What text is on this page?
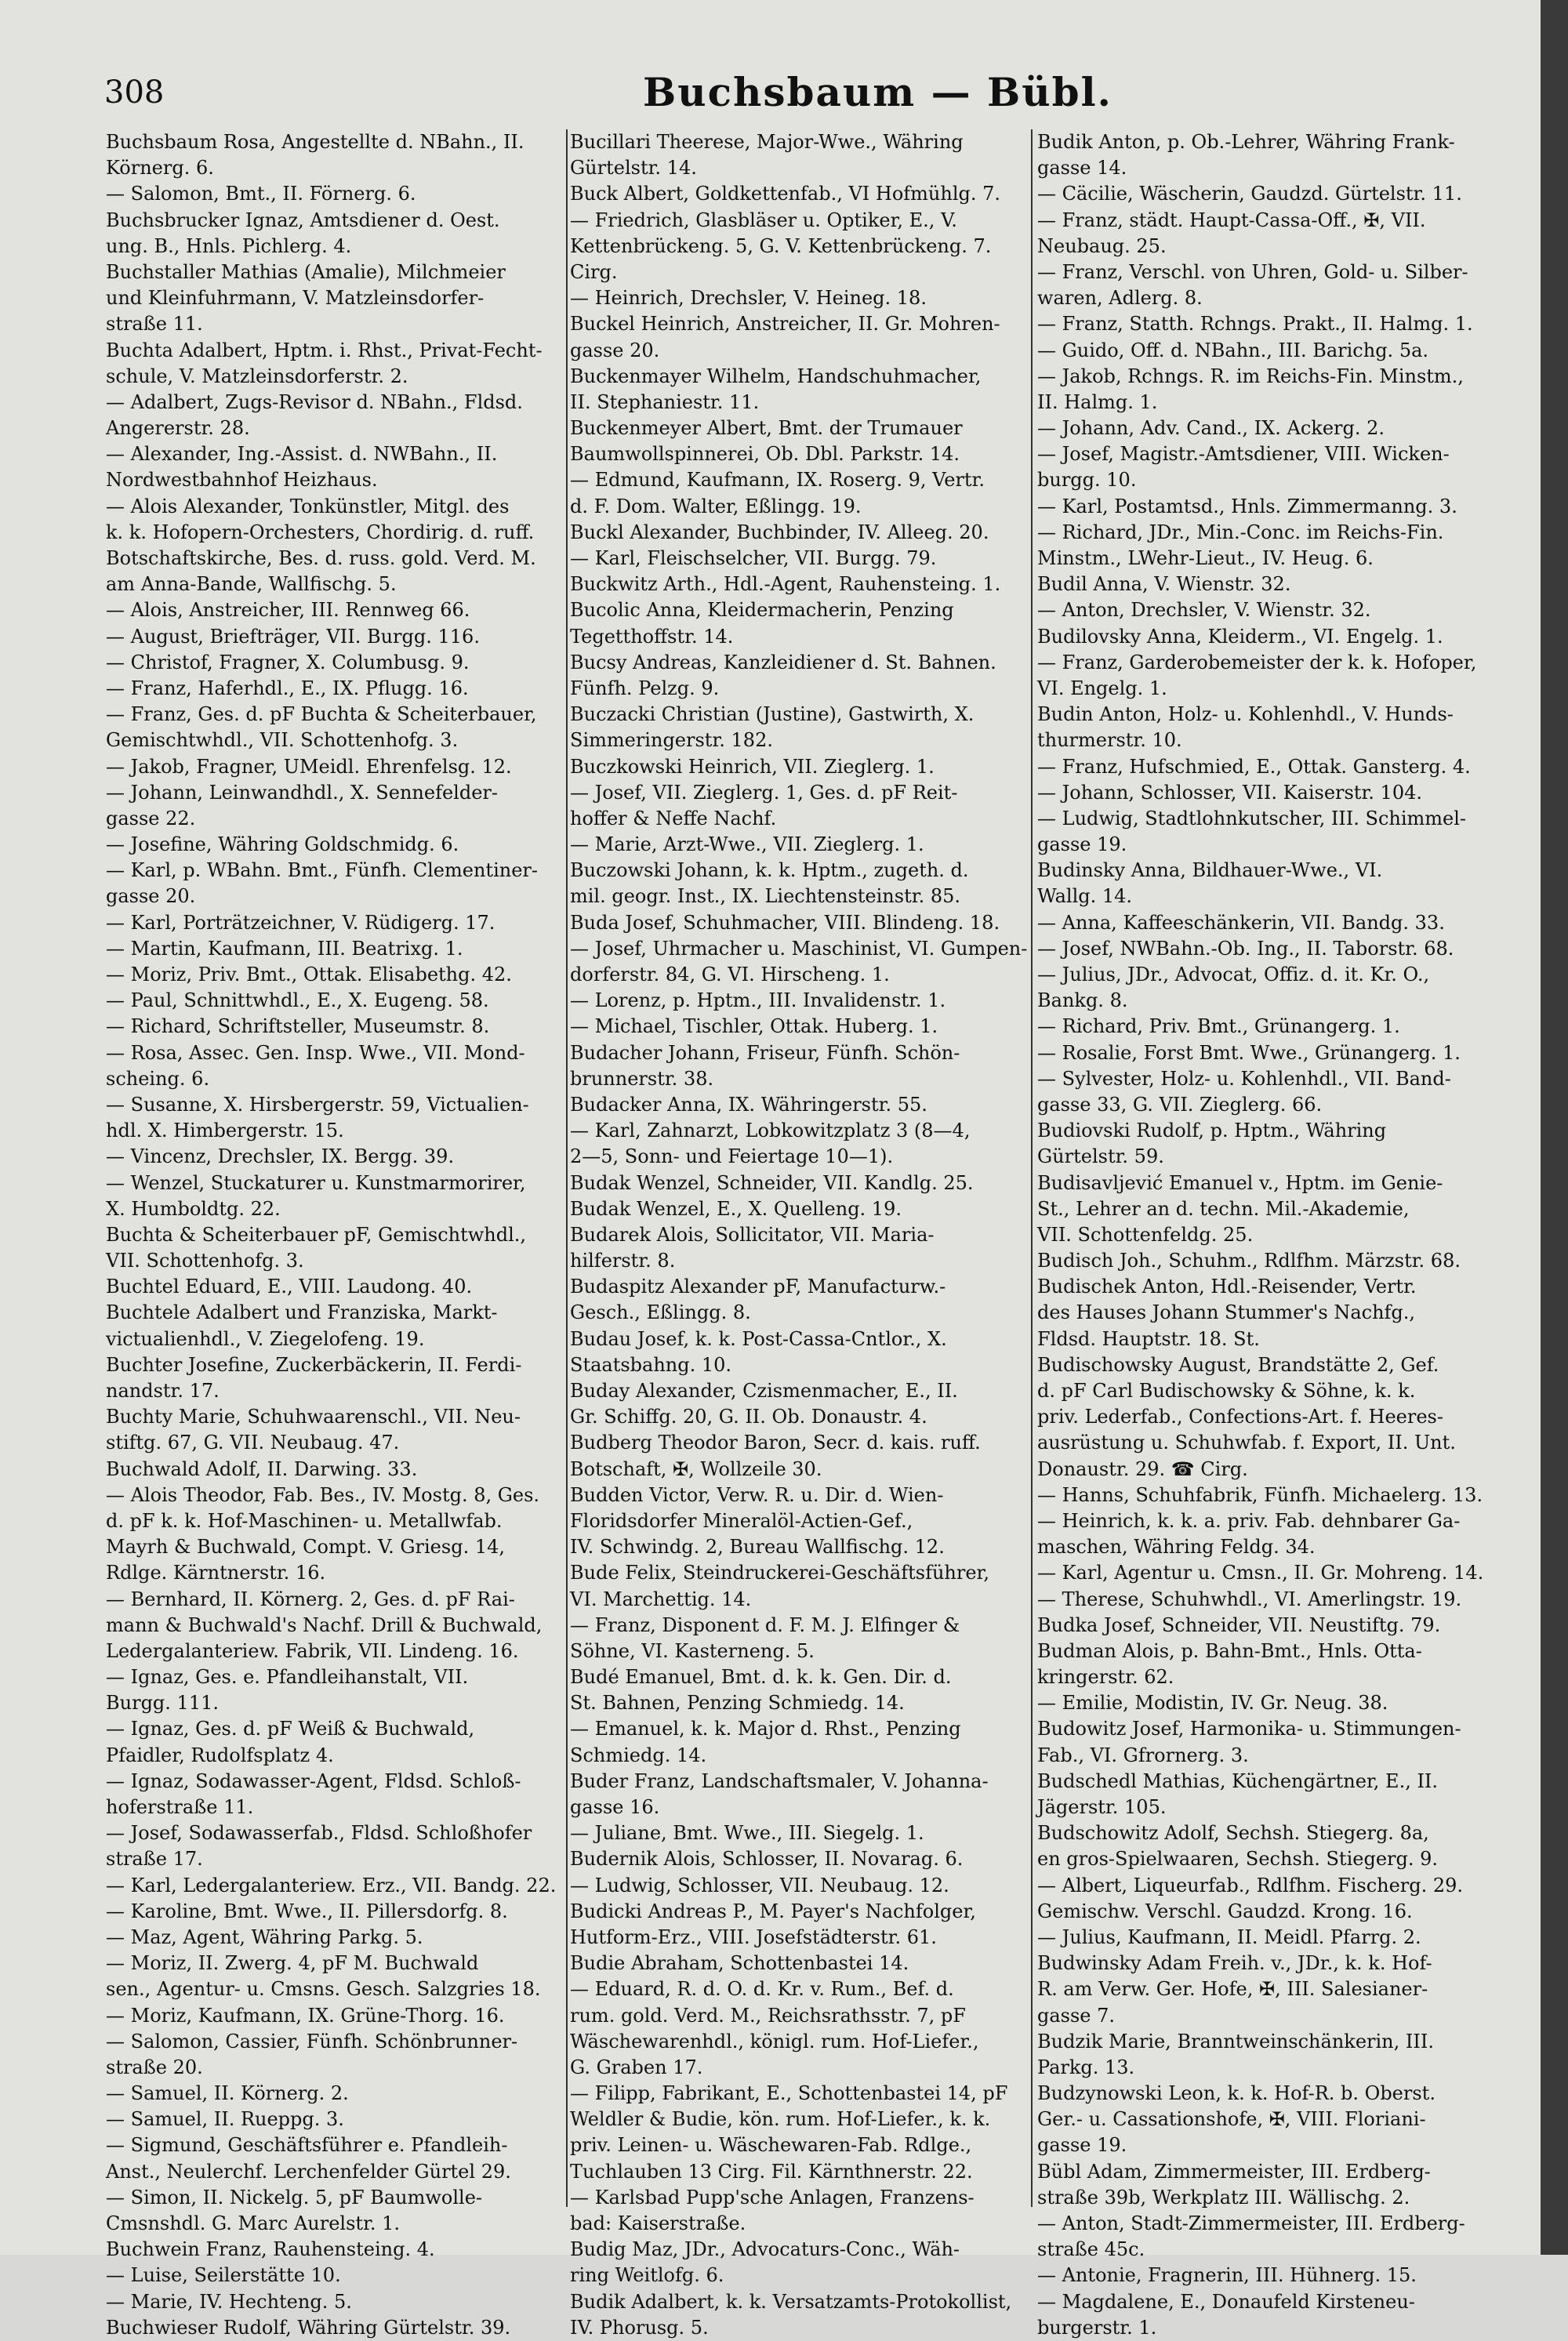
308	Buchsbaum — Bübl.
Buchsbaum Rosa, Angestellte d. NBahn., II.
Körnerg. 6.
— Salomon, Bmt., II. Förnerg. 6.
Buchsbrucker Ignaz, Amtsdiener d. Oest.
ung. B., Hnls. Pichlerg. 4.
Buchstaller Mathias (Amalie), Milchmeier
und Kleinfuhrmann, V. Matzleinsdorfer-
straße 11.
Buchta Adalbert, Hptm. i. Rhst., Privat-Fecht-
schule, V. Matzleinsdorferstr. 2.
— Adalbert, Zugs-Revisor d. NBahn., Fldsd.
Angererstr. 28.
— Alexander, Ing.-Assist. d. NWBahn., II.
Nordwestbahnhof Heizhaus.
— Alois Alexander, Tonkünstler, Mitgl. des
k. k. Hofopern-Orchesters, Chordirig. d. ruff.
Botschaftskirche, Bes. d. russ. gold. Verd. M.
am Anna-Bande, Wallfischg. 5.
— Alois, Anstreicher, III. Rennweg 66.
— August, Briefträger, VII. Burgg. 116.
— Christof, Fragner, X. Columbusg. 9.
— Franz, Haferhdl., E., IX. Pflugg. 16.
— Franz, Ges. d. pF Buchta & Scheiterbauer,
Gemischtwhdl., VII. Schottenhofg. 3.
— Jakob, Fragner, UMeidl. Ehrenfelsg. 12.
— Johann, Leinwandhdl., X. Sennefelder-
gasse 22.
— Josefine, Währing Goldschmidg. 6.
— Karl, p. WBahn. Bmt., Fünfh. Clementiner-
gasse 20.
— Karl, Porträtzeichner, V. Rüdigerg. 17.
— Martin, Kaufmann, III. Beatrixg. 1.
— Moriz, Priv. Bmt., Ottak. Elisabethg. 42.
— Paul, Schnittwhdl., E., X. Eugeng. 58.
— Richard, Schriftsteller, Museumstr. 8.
— Rosa, Assec. Gen. Insp. Wwe., VII. Mond-
scheing. 6.
— Susanne, X. Hirsbergerstr. 59, Victualien-
hdl. X. Himbergerstr. 15.
— Vincenz, Drechsler, IX. Bergg. 39.
— Wenzel, Stuckaturer u. Kunstmarmorirer,
X. Humboldtg. 22.
Buchta & Scheiterbauer pF, Gemischtwhdl.,
VII. Schottenhofg. 3.
Buchtel Eduard, E., VIII. Laudong. 40.
Buchtele Adalbert und Franziska, Markt-
victualienhdl., V. Ziegelofeng. 19.
Buchter Josefine, Zuckerbäckerin, II. Ferdi-
nandstr. 17.
Buchty Marie, Schuhwaarenschl., VII. Neu-
stiftg. 67, G. VII. Neubaug. 47.
Buchwald Adolf, II. Darwing. 33.
— Alois Theodor, Fab. Bes., IV. Mostg. 8, Ges.
d. pF k. k. Hof-Maschinen- u. Metallwfab.
Mayrh & Buchwald, Compt. V. Griesg. 14,
Rdlge. Kärntnerstr. 16.
— Bernhard, II. Körnerg. 2, Ges. d. pF Rai-
mann & Buchwald's Nachf. Drill & Buchwald,
Ledergalanteriew. Fabrik, VII. Lindeng. 16.
— Ignaz, Ges. e. Pfandleihanstalt, VII.
Burgg. 111.
— Ignaz, Ges. d. pF Weiß & Buchwald,
Pfaidler, Rudolfsplatz 4.
— Ignaz, Sodawasser-Agent, Fldsd. Schloß-
hoferstraße 11.
— Josef, Sodawasserfab., Fldsd. Schloßhofer
straße 17.
— Karl, Ledergalanteriew. Erz., VII. Bandg. 22.
— Karoline, Bmt. Wwe., II. Pillersdorfg. 8.
— Maz, Agent, Währing Parkg. 5.
— Moriz, II. Zwerg. 4, pF M. Buchwald
sen., Agentur- u. Cmsns. Gesch. Salzgries 18.
— Moriz, Kaufmann, IX. Grüne-Thorg. 16.
— Salomon, Cassier, Fünfh. Schönbrunner-
straße 20.
— Samuel, II. Körnerg. 2.
— Samuel, II. Rueppg. 3.
— Sigmund, Geschäftsführer e. Pfandleih-
Anst., Neulerchf. Lerchenfelder Gürtel 29.
— Simon, II. Nickelg. 5, pF Baumwolle-
Cmsnshdl. G. Marc Aurelstr. 1.
Buchwein Franz, Rauhensteing. 4.
— Luise, Seilerstätte 10.
— Marie, IV. Hechteng. 5.
Buchwieser Rudolf, Währing Gürtelstr. 39.
Bucillari Theerese, Major-Wwe., Währing
Gürtelstr. 14.
Buck Albert, Goldkettenfab., VI Hofmühlg. 7.
— Friedrich, Glasbläser u. Optiker, E., V.
Kettenbrückeng. 5, G. V. Kettenbrückeng. 7.
Cirg.
— Heinrich, Drechsler, V. Heineg. 18.
Buckel Heinrich, Anstreicher, II. Gr. Mohren-
gasse 20.
Buckenmayer Wilhelm, Handschuhmacher,
II. Stephaniestr. 11.
Buckenmeyer Albert, Bmt. der Trumauer
Baumwollspinnerei, Ob. Dbl. Parkstr. 14.
— Edmund, Kaufmann, IX. Roserg. 9, Vertr.
d. F. Dom. Walter, Eßlingg. 19.
Buckl Alexander, Buchbinder, IV. Alleeg. 20.
— Karl, Fleischselcher, VII. Burgg. 79.
Buckwitz Arth., Hdl.-Agent, Rauhensteing. 1.
Bucolic Anna, Kleidermacherin, Penzing
Tegetthoffstr. 14.
Bucsy Andreas, Kanzleidiener d. St. Bahnen.
Fünfh. Pelzg. 9.
Buczacki Christian (Justine), Gastwirth, X.
Simmeringerstr. 182.
Buczkowski Heinrich, VII. Zieglerg. 1.
— Josef, VII. Zieglerg. 1, Ges. d. pF Reit-
hoffer & Neffe Nachf.
— Marie, Arzt-Wwe., VII. Zieglerg. 1.
Buczowski Johann, k. k. Hptm., zugeth. d.
mil. geogr. Inst., IX. Liechtensteinstr. 85.
Buda Josef, Schuhmacher, VIII. Blindeng. 18.
— Josef, Uhrmacher u. Maschinist, VI. Gumpen-
dorferstr. 84, G. VI. Hirscheng. 1.
— Lorenz, p. Hptm., III. Invalidenstr. 1.
— Michael, Tischler, Ottak. Huberg. 1.
Budacher Johann, Friseur, Fünfh. Schön-
brunnerstr. 38.
Budacker Anna, IX. Währingerstr. 55.
— Karl, Zahnarzt, Lobkowitzplatz 3 (8—4,
2—5, Sonn- und Feiertage 10—1).
Budak Wenzel, Schneider, VII. Kandlg. 25.
Budak Wenzel, E., X. Quelleng. 19.
Budarek Alois, Sollicitator, VII. Maria-
hilferstr. 8.
Budaspitz Alexander pF, Manufacturw.-
Gesch., Eßlingg. 8.
Budau Josef, k. k. Post-Cassa-Cntlor., X.
Staatsbahng. 10.
Buday Alexander, Czismenmacher, E., II.
Gr. Schiffg. 20, G. II. Ob. Donaustr. 4.
Budberg Theodor Baron, Secr. d. kais. ruff.
Botschaft, ✠, Wollzeile 30.
Budden Victor, Verw. R. u. Dir. d. Wien-
Floridsdorfer Mineralöl-Actien-Gef.,
IV. Schwindg. 2, Bureau Wallfischg. 12.
Bude Felix, Steindruckerei-Geschäftsführer,
VI. Marchettig. 14.
— Franz, Disponent d. F. M. J. Elfinger &
Söhne, VI. Kasterneng. 5.
Budé Emanuel, Bmt. d. k. k. Gen. Dir. d.
St. Bahnen, Penzing Schmiedg. 14.
— Emanuel, k. k. Major d. Rhst., Penzing
Schmiedg. 14.
Buder Franz, Landschaftsmaler, V. Johanna-
gasse 16.
— Juliane, Bmt. Wwe., III. Siegelg. 1.
Budernik Alois, Schlosser, II. Novarag. 6.
— Ludwig, Schlosser, VII. Neubaug. 12.
Budicki Andreas P., M. Payer's Nachfolger,
Hutform-Erz., VIII. Josefstädterstr. 61.
Budie Abraham, Schottenbastei 14.
— Eduard, R. d. O. d. Kr. v. Rum., Bef. d.
rum. gold. Verd. M., Reichsrathsstr. 7, pF
Wäschewarenhdl., königl. rum. Hof-Liefer.,
G. Graben 17.
— Filipp, Fabrikant, E., Schottenbastei 14, pF
Weldler & Budie, kön. rum. Hof-Liefer., k. k.
priv. Leinen- u. Wäschewaren-Fab. Rdlge.,
Tuchlauben 13 Cirg. Fil. Kärnthnerstr. 22.
— Karlsbad Pupp'sche Anlagen, Franzens-
bad: Kaiserstraße.
Budig Maz, JDr., Advocaturs-Conc., Wäh-
ring Weitlofg. 6.
Budik Adalbert, k. k. Versatzamts-Protokollist,
IV. Phorusg. 5.
Budik Anton, p. Ob.-Lehrer, Währing Frank-
gasse 14.
— Cäcilie, Wäscherin, Gaudzd. Gürtelstr. 11.
— Franz, städt. Haupt-Cassa-Off., ✠, VII.
Neubaug. 25.
— Franz, Verschl. von Uhren, Gold- u. Silber-
waren, Adlerg. 8.
— Franz, Statth. Rchngs. Prakt., II. Halmg. 1.
— Guido, Off. d. NBahn., III. Barichg. 5a.
— Jakob, Rchngs. R. im Reichs-Fin. Minstm.,
II. Halmg. 1.
— Johann, Adv. Cand., IX. Ackerg. 2.
— Josef, Magistr.-Amtsdiener, VIII. Wicken-
burgg. 10.
— Karl, Postamtsd., Hnls. Zimmermanng. 3.
— Richard, JDr., Min.-Conc. im Reichs-Fin.
Minstm., LWehr-Lieut., IV. Heug. 6.
Budil Anna, V. Wienstr. 32.
— Anton, Drechsler, V. Wienstr. 32.
Budilovsky Anna, Kleiderm., VI. Engelg. 1.
— Franz, Garderobemeister der k. k. Hofoper,
VI. Engelg. 1.
Budin Anton, Holz- u. Kohlenhdl., V. Hunds-
thurmerstr. 10.
— Franz, Hufschmied, E., Ottak. Gansterg. 4.
— Johann, Schlosser, VII. Kaiserstr. 104.
— Ludwig, Stadtlohnkutscher, III. Schimmel-
gasse 19.
Budinsky Anna, Bildhauer-Wwe., VI.
Wallg. 14.
— Anna, Kaffeeschänkerin, VII. Bandg. 33.
— Josef, NWBahn.-Ob. Ing., II. Taborstr. 68.
— Julius, JDr., Advocat, Offiz. d. it. Kr. O.,
Bankg. 8.
— Richard, Priv. Bmt., Grünangerg. 1.
— Rosalie, Forst Bmt. Wwe., Grünangerg. 1.
— Sylvester, Holz- u. Kohlenhdl., VII. Band-
gasse 33, G. VII. Zieglerg. 66.
Budiovski Rudolf, p. Hptm., Währing
Gürtelstr. 59.
Budisavljević Emanuel v., Hptm. im Genie-
St., Lehrer an d. techn. Mil.-Akademie,
VII. Schottenfeldg. 25.
Budisch Joh., Schuhm., Rdlfhm. Märzstr. 68.
Budischek Anton, Hdl.-Reisender, Vertr.
des Hauses Johann Stummer's Nachfg.,
Fldsd. Hauptstr. 18. St.
Budischowsky August, Brandstätte 2, Gef.
d. pF Carl Budischowsky & Söhne, k. k.
priv. Lederfab., Confections-Art. f. Heeres-
ausrüstung u. Schuhwfab. f. Export, II. Unt.
Donaustr. 29. ☎ Cirg.
— Hanns, Schuhfabrik, Fünfh. Michaelerg. 13.
— Heinrich, k. k. a. priv. Fab. dehnbarer Ga-
maschen, Währing Feldg. 34.
— Karl, Agentur u. Cmsn., II. Gr. Mohreng. 14.
— Therese, Schuhwhdl., VI. Amerlingstr. 19.
Budka Josef, Schneider, VII. Neustiftg. 79.
Budman Alois, p. Bahn-Bmt., Hnls. Otta-
kringerstr. 62.
— Emilie, Modistin, IV. Gr. Neug. 38.
Budowitz Josef, Harmonika- u. Stimmungen-
Fab., VI. Gfrornerg. 3.
Budschedl Mathias, Küchengärtner, E., II.
Jägerstr. 105.
Budschowitz Adolf, Sechsh. Stiegerg. 8a,
en gros-Spielwaaren, Sechsh. Stiegerg. 9.
— Albert, Liqueurfab., Rdlfhm. Fischerg. 29.
Gemischw. Verschl. Gaudzd. Krong. 16.
— Julius, Kaufmann, II. Meidl. Pfarrg. 2.
Budwinsky Adam Freih. v., JDr., k. k. Hof-
R. am Verw. Ger. Hofe, ✠, III. Salesianer-
gasse 7.
Budzik Marie, Branntweinschänkerin, III.
Parkg. 13.
Budzynowski Leon, k. k. Hof-R. b. Oberst.
Ger.- u. Cassationshofe, ✠, VIII. Floriani-
gasse 19.
Bübl Adam, Zimmermeister, III. Erdberg-
straße 39b, Werkplatz III. Wällischg. 2.
— Anton, Stadt-Zimmermeister, III. Erdberg-
straße 45c.
— Antonie, Fragnerin, III. Hühnerg. 15.
— Magdalene, E., Donaufeld Kirsteneu-
burgerstr. 1.
